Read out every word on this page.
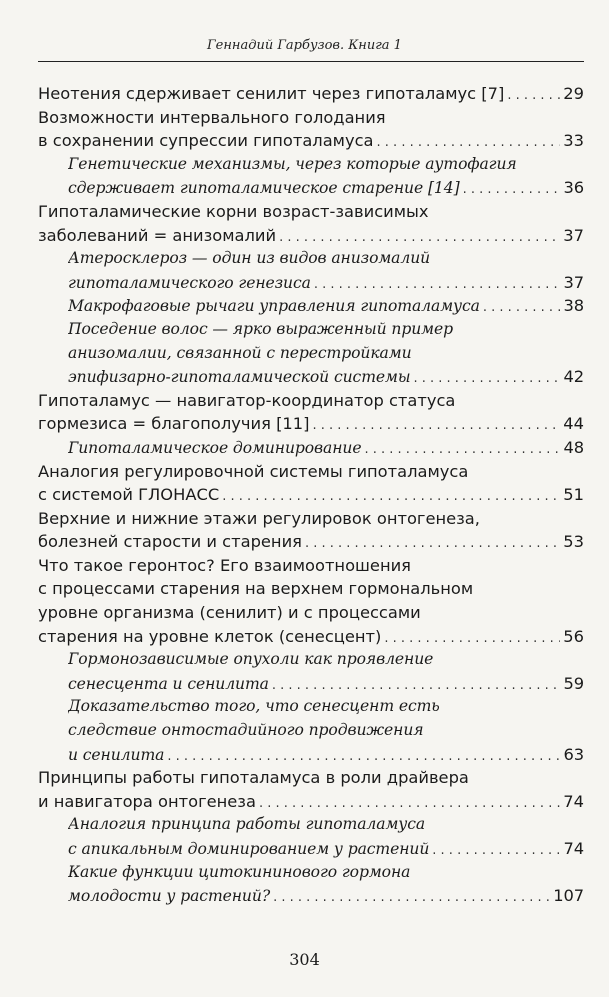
Геннадий Гарбузов. Книга 1
Неотения сдерживает сенилит через гипоталамус [7] . . .	29
Возможности интервального голодания
в сохранении супрессии гипоталамуса . . .	33
Генетические механизмы, через которые аутофагия
сдерживает гипоталамическое старение [14] . . .	36
Гипоталамические корни возраст-зависимых
заболеваний = анизомалий . . .	37
Атеросклероз — один из видов анизомалий
гипоталамического генезиса . . .	37
Макрофаговые рычаги управления гипоталамуса . . .	38
Поседение волос — ярко выраженный пример
анизомалии, связанной с перестройками
эпифизарно-гипоталамической системы . . .	42
Гипоталамус — навигатор-координатор статуса
гормезиса = благополучия [11] . . .	44
Гипоталамическое доминирование . . .	48
Аналогия регулировочной системы гипоталамуса
с системой ГЛОНАСС . . .	51
Верхние и нижние этажи регулировок онтогенеза,
болезней старости и старения . . .	53
Что такое геронтос? Его взаимоотношения
с процессами старения на верхнем гормональном
уровне организма (сенилит) и с процессами
старения на уровне клеток (сенесцент) . . .	56
Гормонозависимые опухоли как проявление
сенесцента и сенилита . . .	59
Доказательство того, что сенесцент есть
следствие онтостадийного продвижения
и сенилита . . .	63
Принципы работы гипоталамуса в роли драйвера
и навигатора онтогенеза . . .	74
Аналогия принципа работы гипоталамуса
с апикальным доминированием у растений . . .	74
Какие функции цитокининового гормона
молодости у растений? . . .	107
304
